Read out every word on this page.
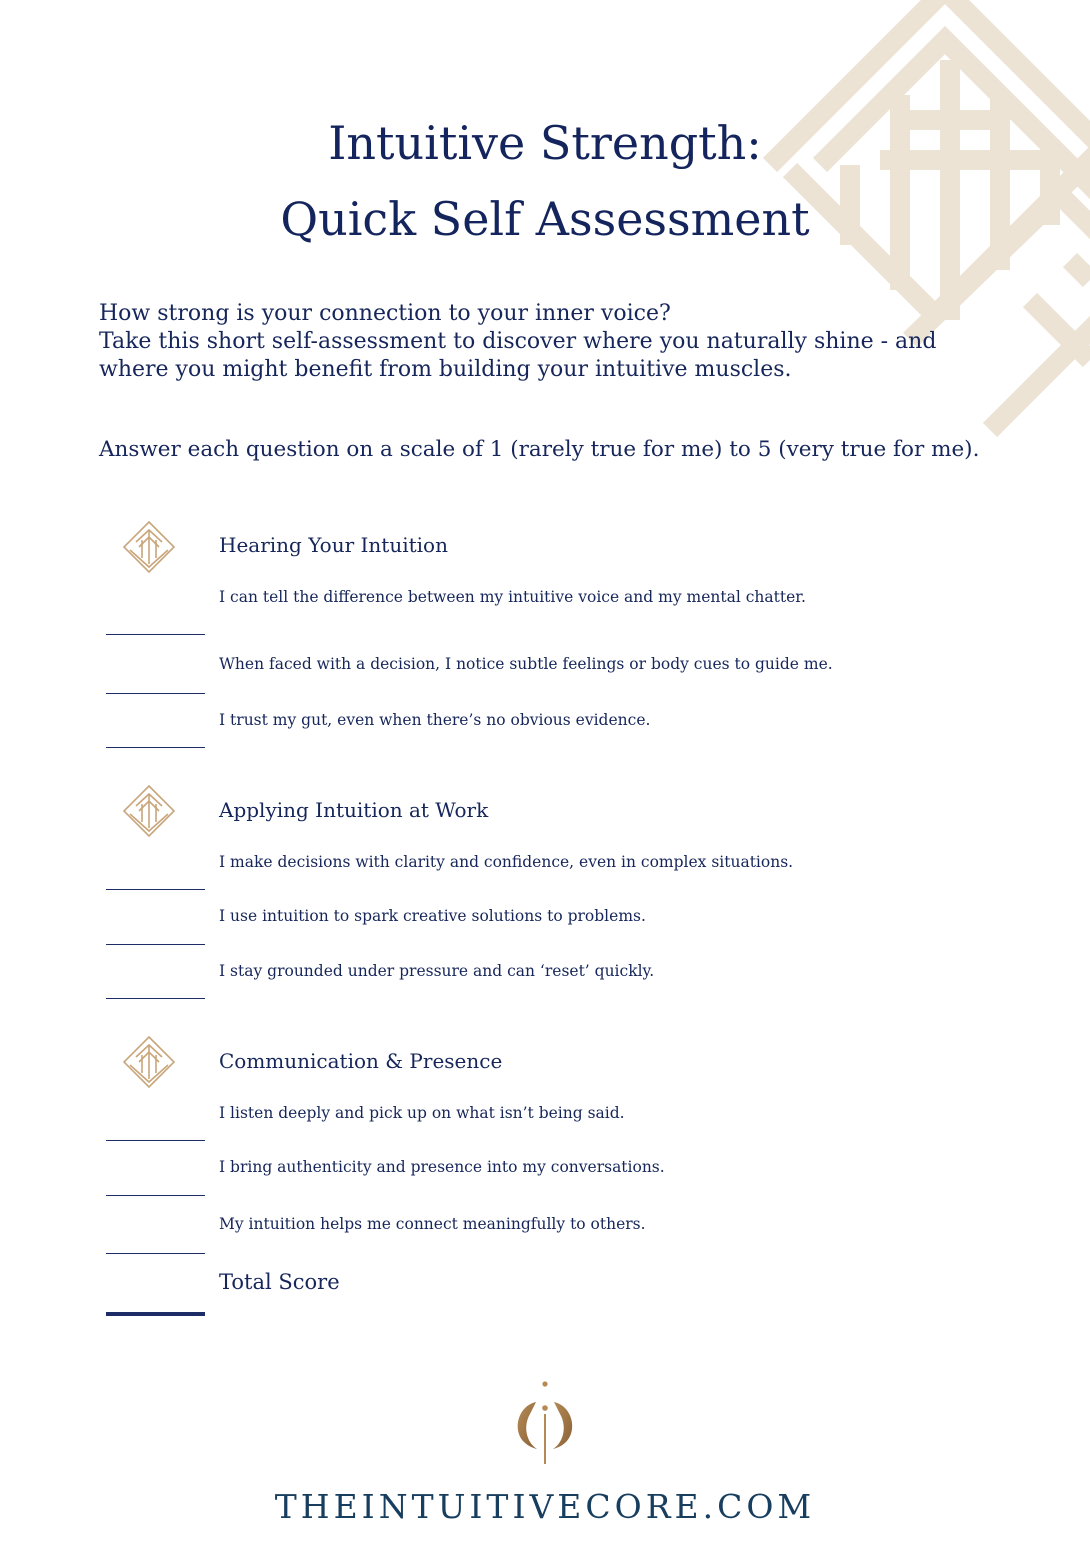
Intuitive Strength:
Quick Self Assessment

How strong is your connection to your inner voice?

Take this short self-assessment to discover where you naturally shine - and where you might benefit from building your intuitive muscles.

Answer each question on a scale of 1 (rarely true for me) to 5 (very true for me).
Hearing Your Intuition
I can tell the difference between my intuitive voice and my mental chatter.
When faced with a decision, I notice subtle feelings or body cues to guide me.
I trust my gut, even when there’s no obvious evidence.
Applying Intuition at Work
I make decisions with clarity and confidence, even in complex situations.
I use intuition to spark creative solutions to problems.
I stay grounded under pressure and can ‘reset’ quickly.
Communication & Presence
I listen deeply and pick up on what isn’t being said.
I bring authenticity and presence into my conversations.
My intuition helps me connect meaningfully to others.
Total Score
THEINTUITIVECORE.COM
